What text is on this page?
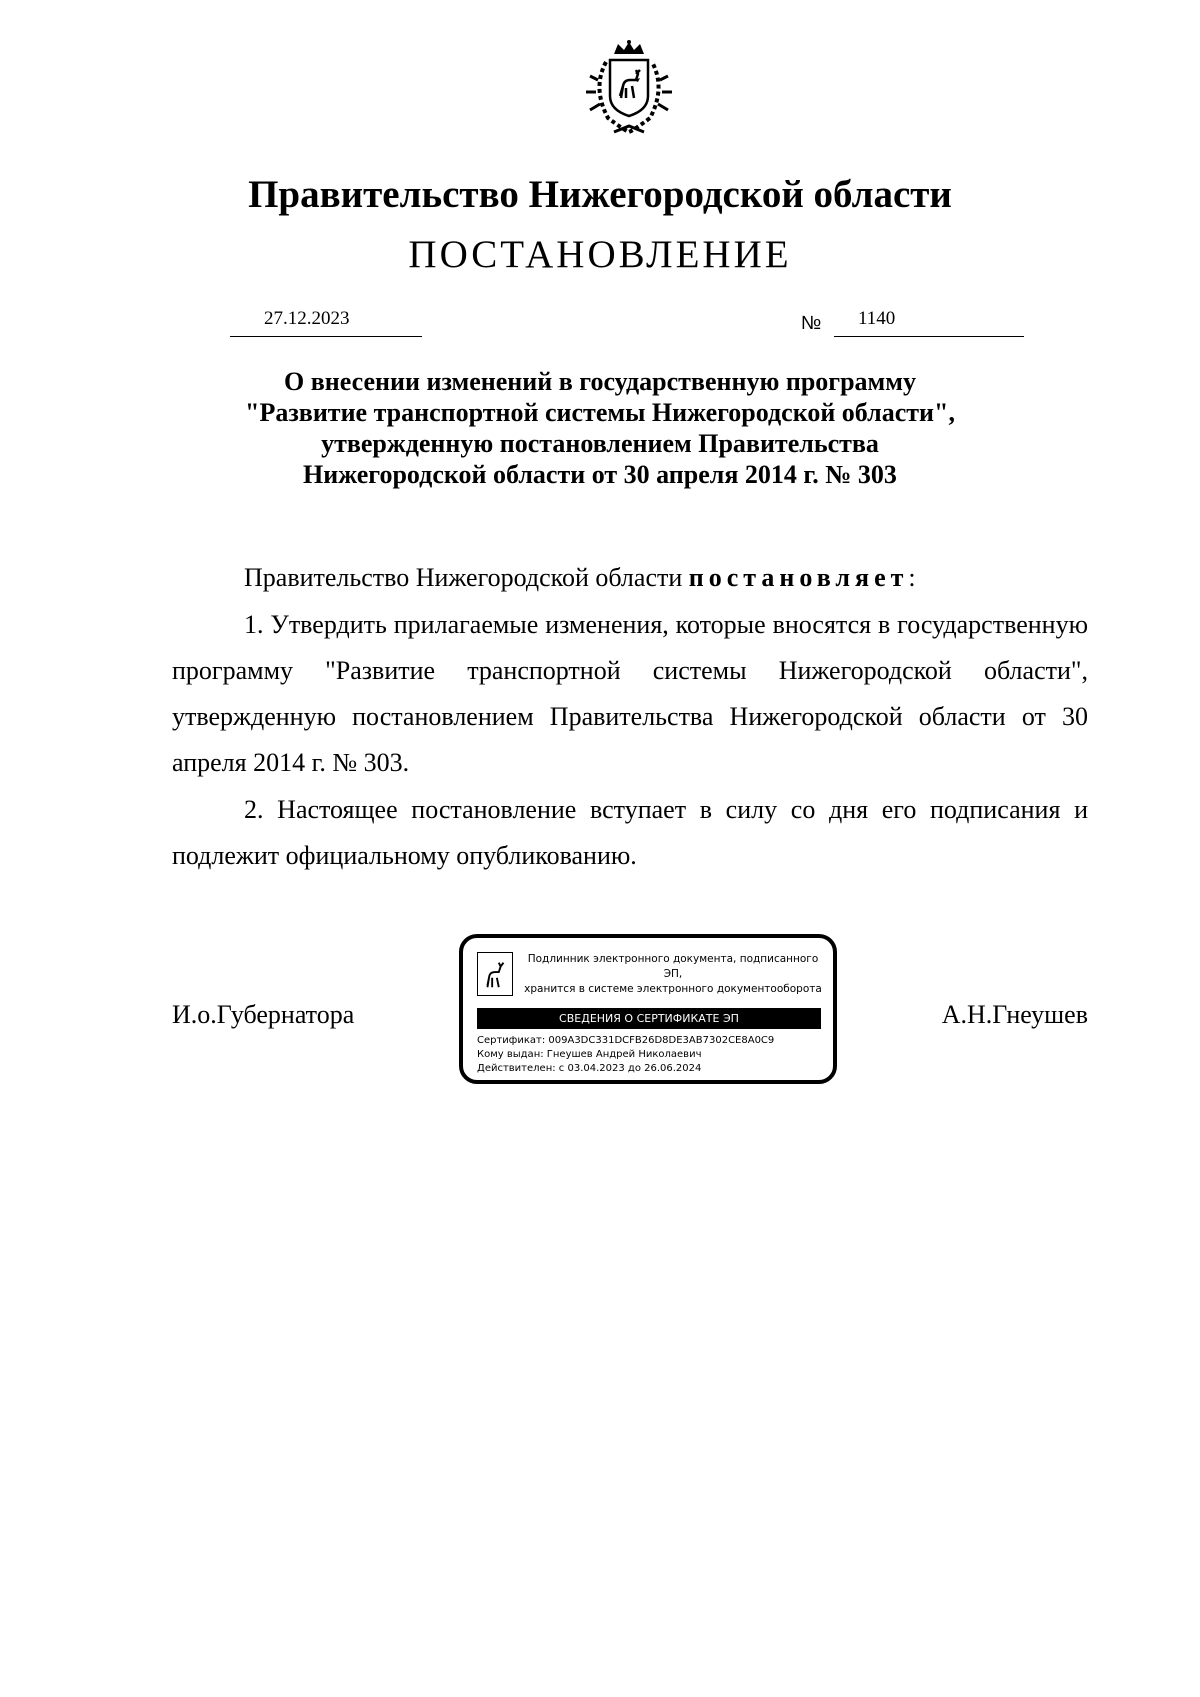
Правительство Нижегородской области
ПОСТАНОВЛЕНИЕ
27.12.2023	№ 1140
О внесении изменений в государственную программу
"Развитие транспортной системы Нижегородской области",
утвержденную постановлением Правительства
Нижегородской области от 30 апреля 2014 г. № 303
Правительство Нижегородской области постановляет:
1. Утвердить прилагаемые изменения, которые вносятся в государственную программу "Развитие транспортной системы Нижегородской области", утвержденную постановлением Правительства Нижегородской области от 30 апреля 2014 г. № 303.
2. Настоящее постановление вступает в силу со дня его подписания и подлежит официальному опубликованию.
И.о.Губернатора	А.Н.Гнеушев
Подлинник электронного документа, подписанного ЭП,
хранится в системе электронного документооборота
СВЕДЕНИЯ О СЕРТИФИКАТЕ ЭП
Сертификат: 009A3DC331DCFB26D8DE3AB7302CE8A0C9
Кому выдан: Гнеушев Андрей Николаевич
Действителен: с 03.04.2023 до 26.06.2024
